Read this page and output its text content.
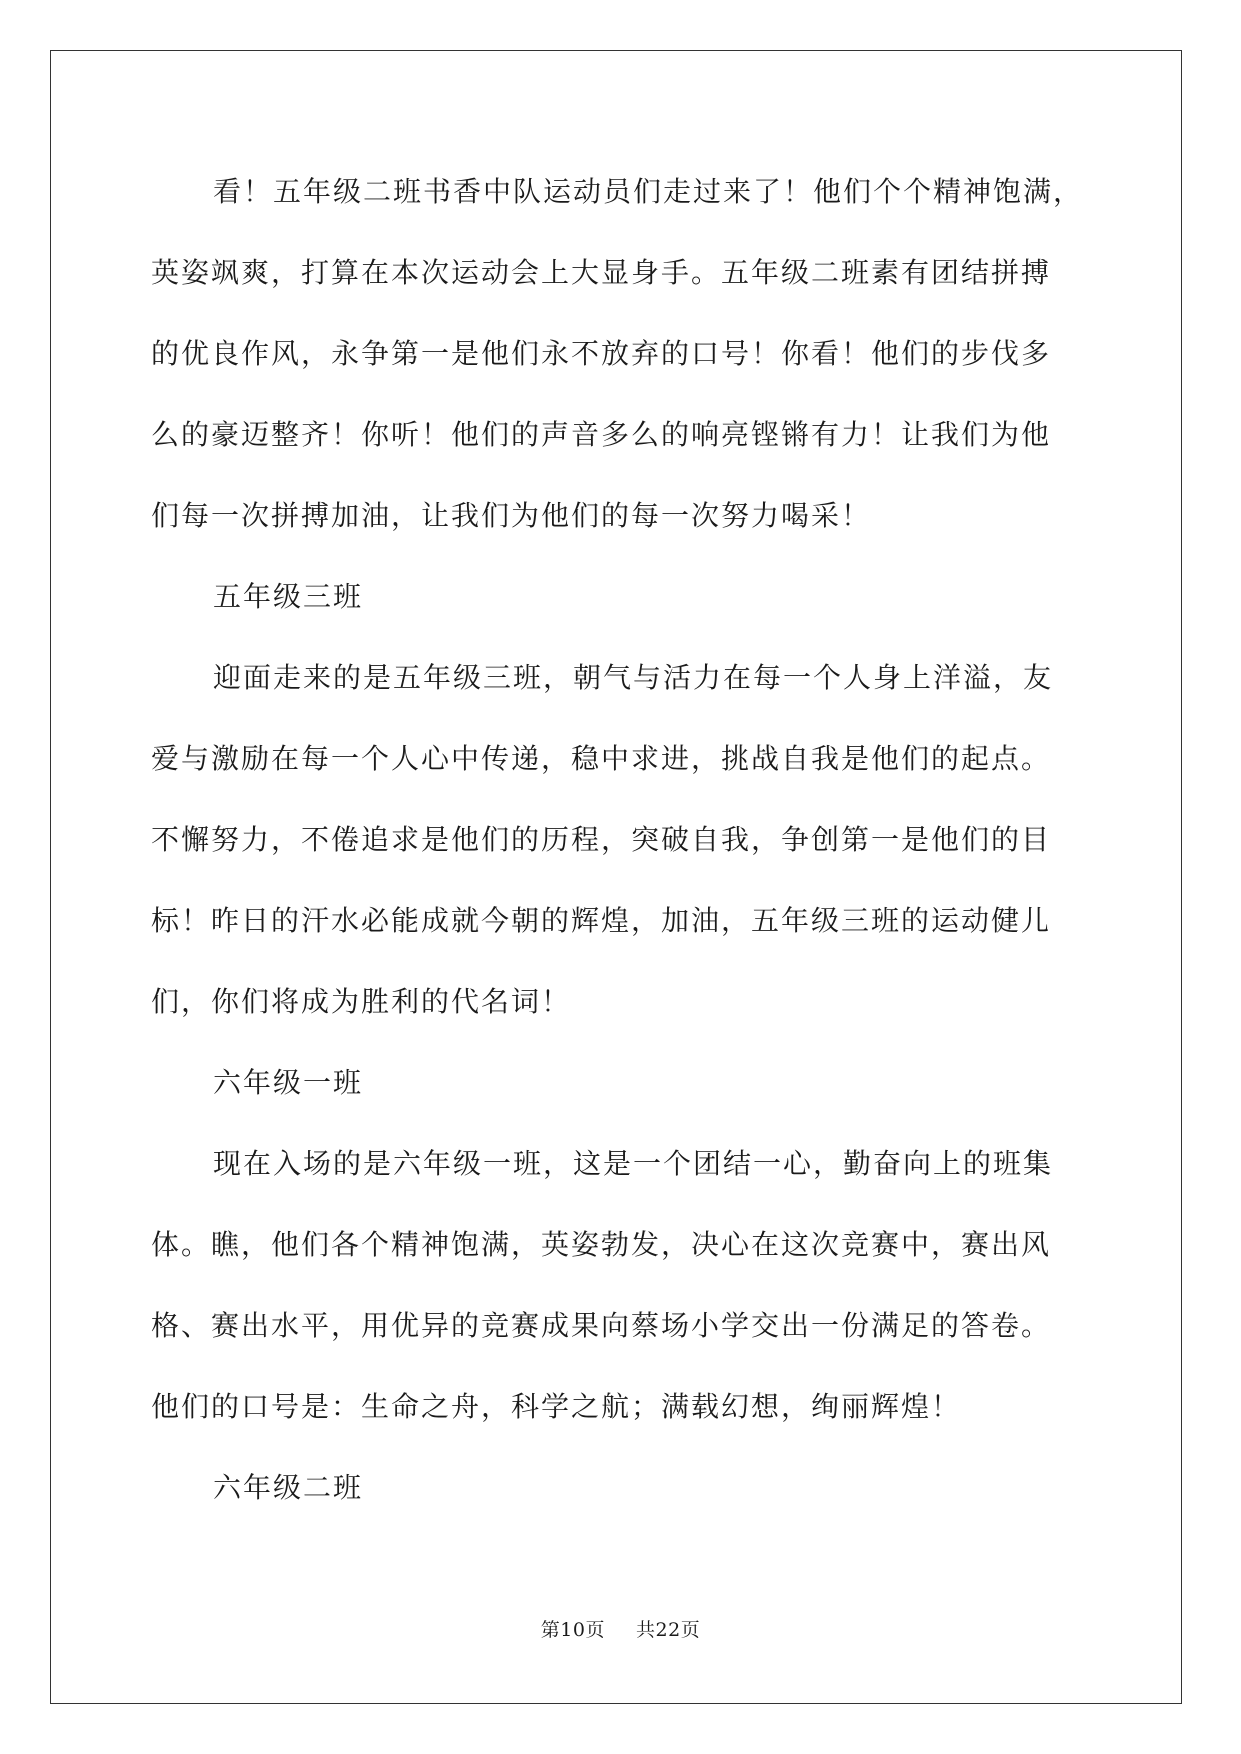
看！五年级二班书香中队运动员们走过来了！他们个个精神饱满，
英姿飒爽，打算在本次运动会上大显身手。五年级二班素有团结拼搏
的优良作风，永争第一是他们永不放弃的口号！你看！他们的步伐多
么的豪迈整齐！你听！他们的声音多么的响亮铿锵有力！让我们为他
们每一次拼搏加油，让我们为他们的每一次努力喝采！
五年级三班
迎面走来的是五年级三班，朝气与活力在每一个人身上洋溢，友
爱与激励在每一个人心中传递，稳中求进，挑战自我是他们的起点。
不懈努力，不倦追求是他们的历程，突破自我，争创第一是他们的目
标！昨日的汗水必能成就今朝的辉煌，加油，五年级三班的运动健儿
们，你们将成为胜利的代名词！
六年级一班
现在入场的是六年级一班，这是一个团结一心，勤奋向上的班集
体。瞧，他们各个精神饱满，英姿勃发，决心在这次竞赛中，赛出风
格、赛出水平，用优异的竞赛成果向蔡场小学交出一份满足的答卷。
他们的口号是：生命之舟，科学之航；满载幻想，绚丽辉煌！
六年级二班
第10页 共22页
